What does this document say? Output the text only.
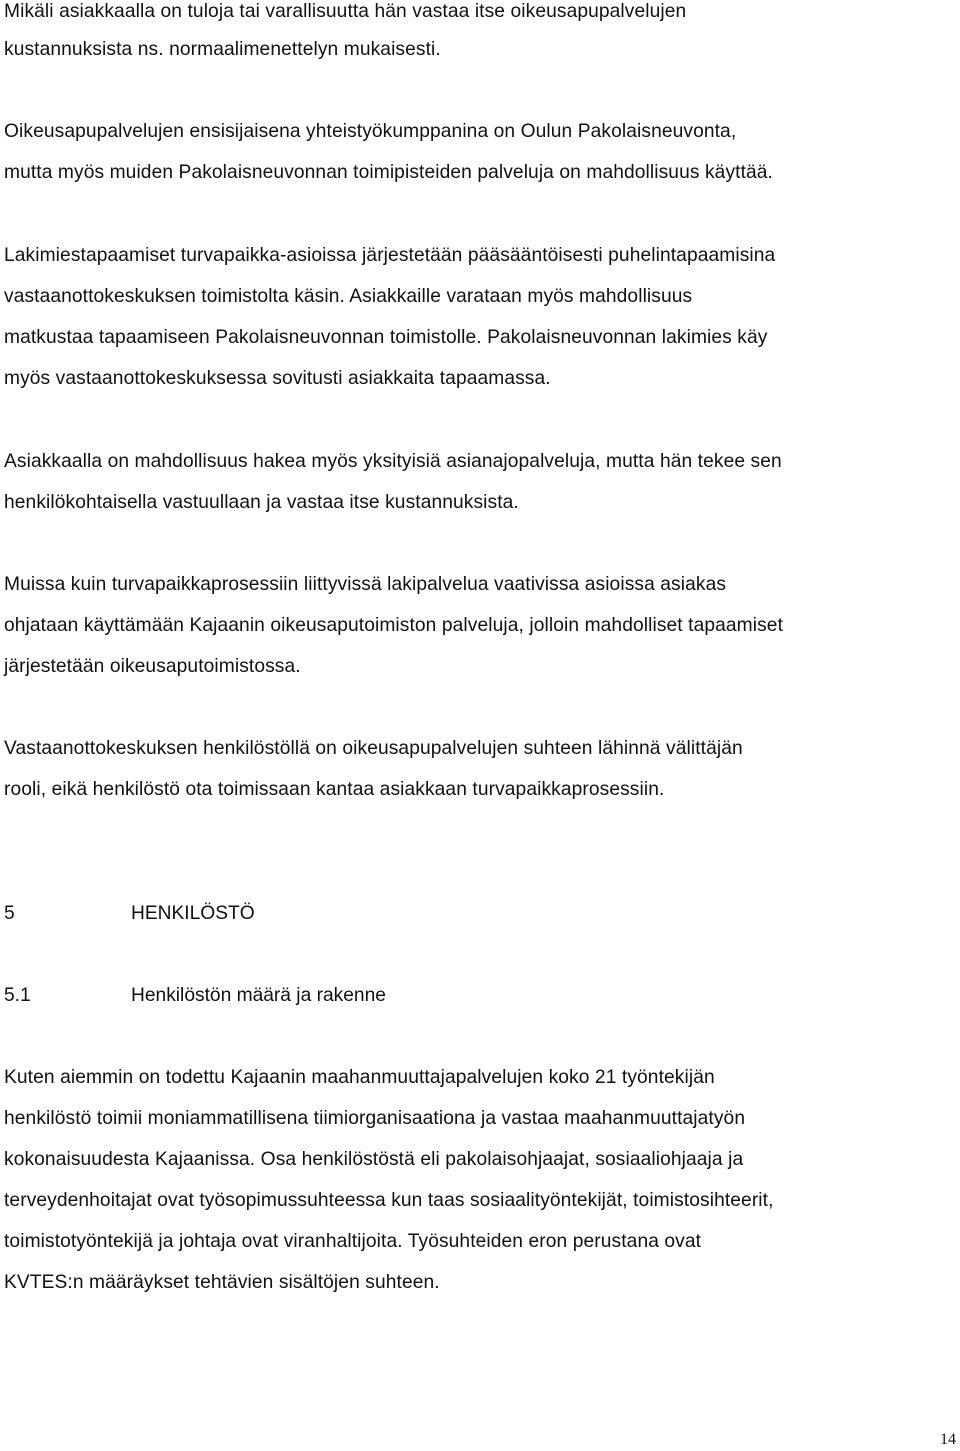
Mikäli asiakkaalla on tuloja tai varallisuutta hän vastaa itse oikeusapupalvelujen
kustannuksista ns. normaalimenettelyn mukaisesti.
Oikeusapupalvelujen ensisijaisena yhteistyökumppanina on Oulun Pakolaisneuvonta,
mutta myös muiden Pakolaisneuvonnan toimipisteiden palveluja on mahdollisuus käyttää.
Lakimiestapaamiset turvapaikka-asioissa järjestetään pääsääntöisesti puhelintapaamisina
vastaanottokeskuksen toimistolta käsin. Asiakkaille varataan myös mahdollisuus
matkustaa tapaamiseen Pakolaisneuvonnan toimistolle. Pakolaisneuvonnan lakimies käy
myös vastaanottokeskuksessa sovitusti asiakkaita tapaamassa.
Asiakkaalla on mahdollisuus hakea myös yksityisiä asianajopalveluja, mutta hän tekee sen
henkilökohtaisella vastuullaan ja vastaa itse kustannuksista.
Muissa kuin turvapaikkaprosessiin liittyvissä lakipalvelua vaativissa asioissa asiakas
ohjataan käyttämään Kajaanin oikeusaputoimiston palveluja, jolloin mahdolliset tapaamiset
järjestetään oikeusaputoimistossa.
Vastaanottokeskuksen henkilöstöllä on oikeusapupalvelujen suhteen lähinnä välittäjän
rooli, eikä henkilöstö ota toimissaan kantaa asiakkaan turvapaikkaprosessiin.
5	HENKILÖSTÖ
5.1	Henkilöstön määrä ja rakenne
Kuten aiemmin on todettu Kajaanin maahanmuuttajapalvelujen koko 21 työntekijän
henkilöstö toimii moniammatillisena tiimiorganisaationa ja vastaa maahanmuuttajatyön
kokonaisuudesta Kajaanissa. Osa henkilöstöstä eli pakolaisohjaajat, sosiaaliohjaaja ja
terveydenhoitajat ovat työsopimussuhteessa kun taas sosiaalityöntekijät, toimistosihteerit,
toimistotyöntekijä ja johtaja ovat viranhaltijoita. Työsuhteiden eron perustana ovat
KVTES:n määräykset tehtävien sisältöjen suhteen.
14
